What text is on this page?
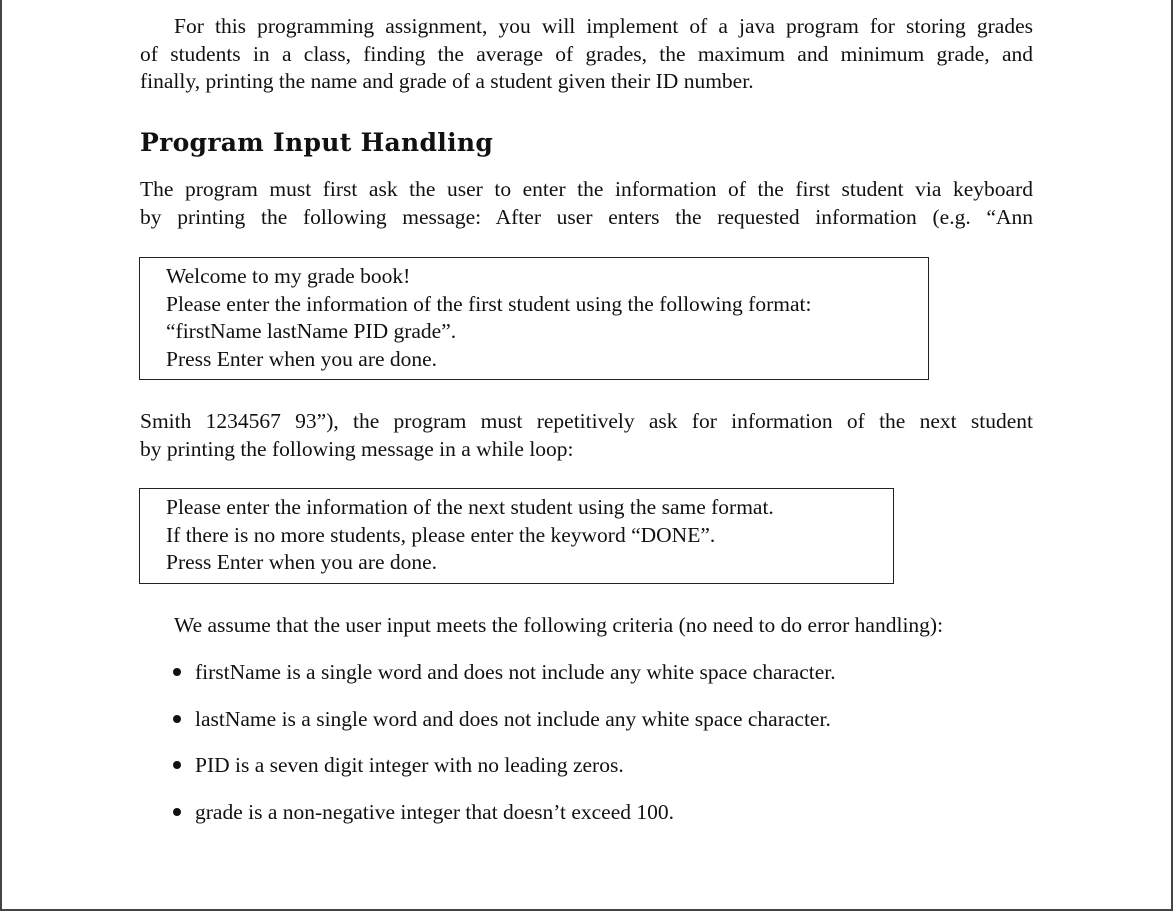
For this programming assignment, you will implement of a java program for storing grades
of students in a class, finding the average of grades, the maximum and minimum grade, and
finally, printing the name and grade of a student given their ID number.

Program Input Handling

The program must first ask the user to enter the information of the first student via keyboard
by printing the following message: After user enters the requested information (e.g. “Ann

Welcome to my grade book!
Please enter the information of the first student using the following format:
“firstName lastName PID grade”.
Press Enter when you are done.

Smith 1234567 93”), the program must repetitively ask for information of the next student
by printing the following message in a while loop:

Please enter the information of the next student using the same format.
If there is no more students, please enter the keyword “DONE”.
Press Enter when you are done.

We assume that the user input meets the following criteria (no need to do error handling):

firstName is a single word and does not include any white space character.
lastName is a single word and does not include any white space character.
PID is a seven digit integer with no leading zeros.
grade is a non-negative integer that doesn’t exceed 100.
